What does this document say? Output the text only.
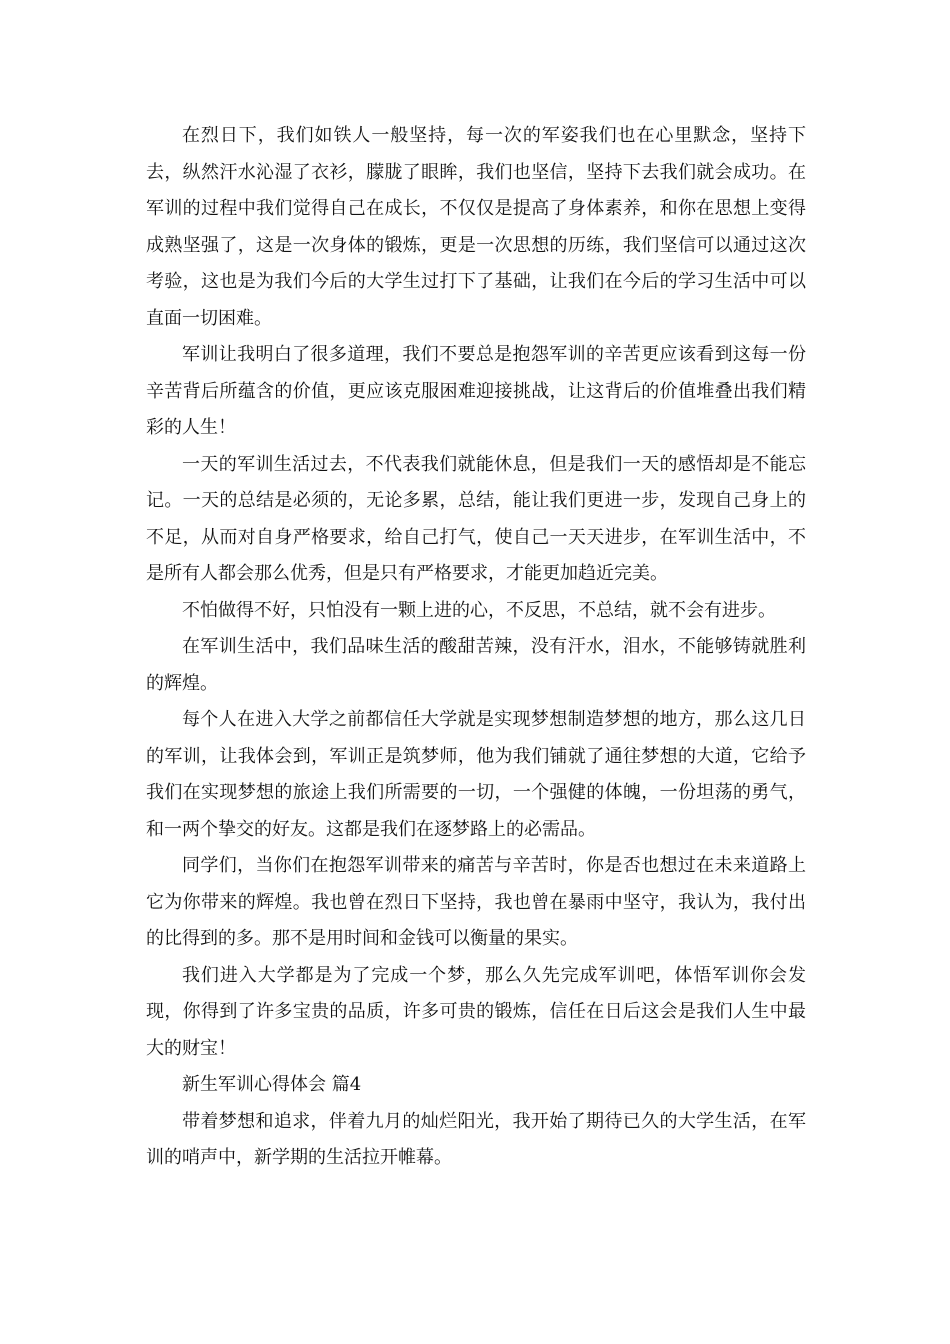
在烈日下，我们如铁人一般坚持，每一次的军姿我们也在心里默念，坚持下去，纵然汗水沁湿了衣衫，朦胧了眼眸，我们也坚信，坚持下去我们就会成功。在军训的过程中我们觉得自己在成长，不仅仅是提高了身体素养，和你在思想上变得成熟坚强了，这是一次身体的锻炼，更是一次思想的历练，我们坚信可以通过这次考验，这也是为我们今后的大学生过打下了基础，让我们在今后的学习生活中可以直面一切困难。

军训让我明白了很多道理，我们不要总是抱怨军训的辛苦更应该看到这每一份辛苦背后所蕴含的价值，更应该克服困难迎接挑战，让这背后的价值堆叠出我们精彩的人生！

一天的军训生活过去，不代表我们就能休息，但是我们一天的感悟却是不能忘记。一天的总结是必须的，无论多累，总结，能让我们更进一步，发现自己身上的不足，从而对自身严格要求，给自己打气，使自己一天天进步，在军训生活中，不是所有人都会那么优秀，但是只有严格要求，才能更加趋近完美。

不怕做得不好，只怕没有一颗上进的心，不反思，不总结，就不会有进步。

在军训生活中，我们品味生活的酸甜苦辣，没有汗水，泪水，不能够铸就胜利的辉煌。

每个人在进入大学之前都信任大学就是实现梦想制造梦想的地方，那么这几日的军训，让我体会到，军训正是筑梦师，他为我们铺就了通往梦想的大道，它给予我们在实现梦想的旅途上我们所需要的一切，一个强健的体魄，一份坦荡的勇气，和一两个挚交的好友。这都是我们在逐梦路上的必需品。

同学们，当你们在抱怨军训带来的痛苦与辛苦时，你是否也想过在未来道路上它为你带来的辉煌。我也曾在烈日下坚持，我也曾在暴雨中坚守，我认为，我付出的比得到的多。那不是用时间和金钱可以衡量的果实。

我们进入大学都是为了完成一个梦，那么久先完成军训吧，体悟军训你会发现，你得到了许多宝贵的品质，许多可贵的锻炼，信任在日后这会是我们人生中最大的财宝！

新生军训心得体会 篇4

带着梦想和追求，伴着九月的灿烂阳光，我开始了期待已久的大学生活，在军训的哨声中，新学期的生活拉开帷幕。
